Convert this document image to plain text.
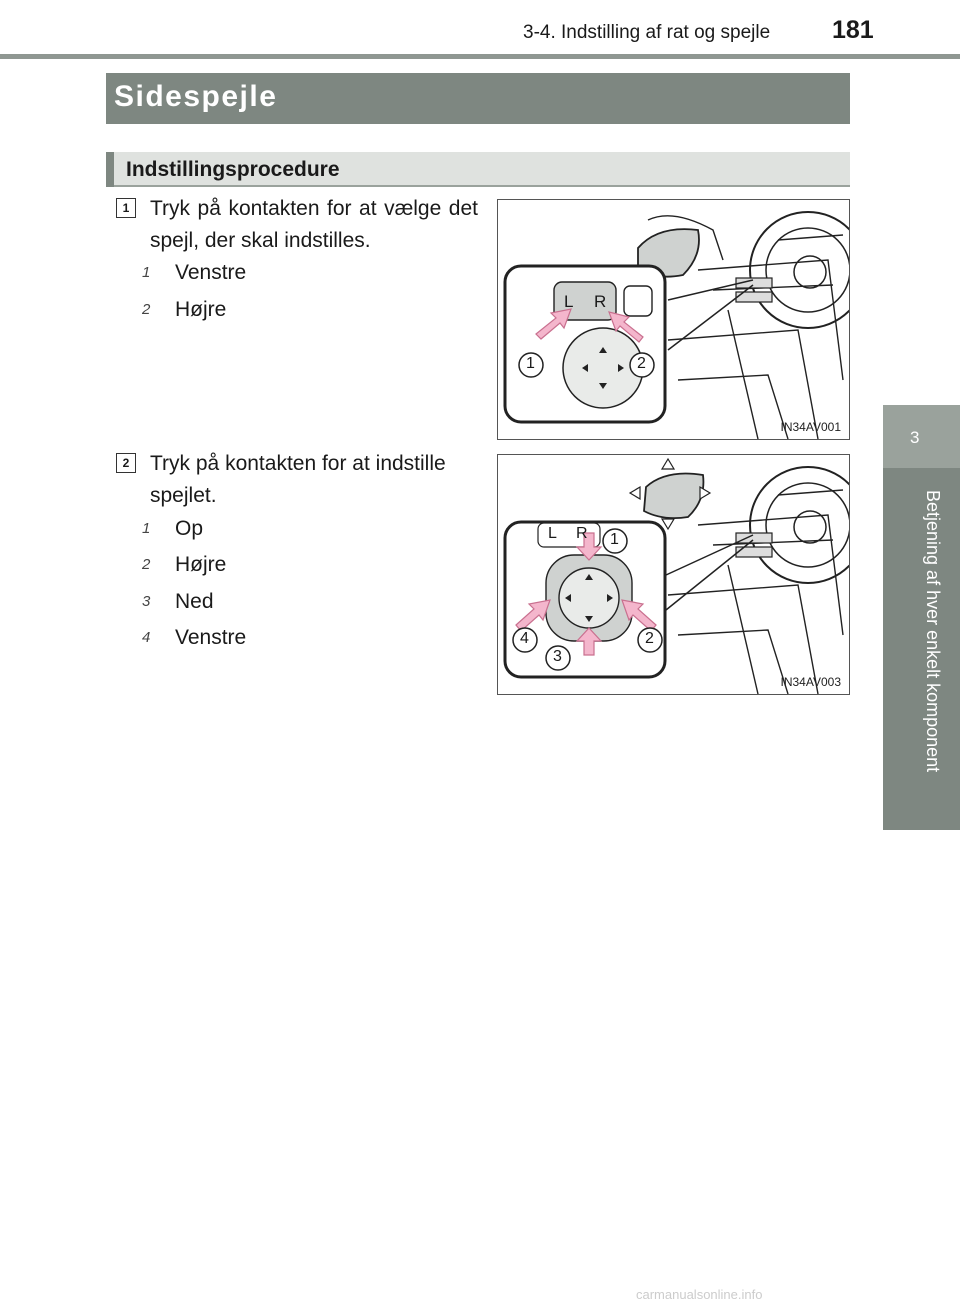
3-4. Indstilling af rat og spejle 181
Sidespejle
Indstillingsprocedure
1 Tryk på kontakten for at vælge det spejl, der skal indstilles.
1 Venstre
2 Højre	L R
1	2
IN34AV001
2 Tryk på kontakten for at indstille spejlet.
1 Op
2 Højre
3 Ned
4 Venstre
L R 1
2
3
4
IN34AV003
3
Betjening af hver enkelt komponent
carmanualsonline.info
